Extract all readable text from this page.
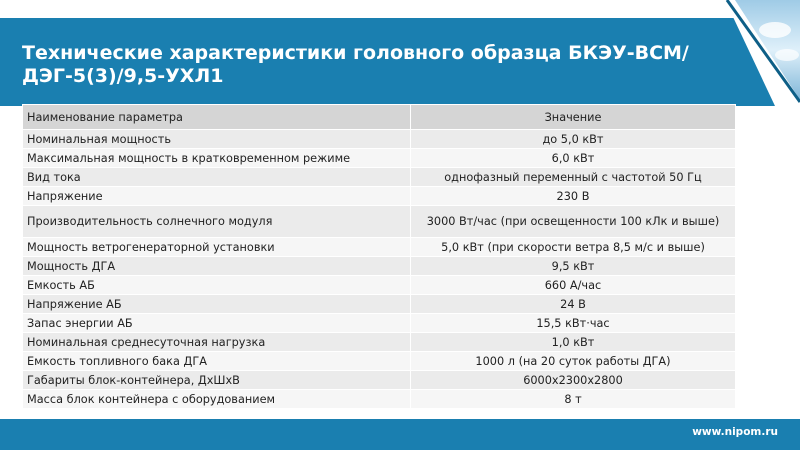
Технические характеристики головного образца БКЭУ-ВСМ/ДЭГ-5(3)/9,5-УХЛ1
Наименование параметра	Значение
Номинальная мощность	до 5,0 кВт
Максимальная мощность в кратковременном режиме	6,0 кВт
Вид тока	однофазный переменный с частотой 50 Гц
Напряжение	230 В
Производительность солнечного модуля	3000 Вт/час (при освещенности 100 кЛк и выше)
Мощность ветрогенераторной установки	5,0 кВт (при скорости ветра 8,5 м/с и выше)
Мощность ДГА	9,5 кВт
Емкость АБ	660 А/час
Напряжение АБ	24 В
Запас энергии АБ	15,5 кВт·час
Номинальная среднесуточная нагрузка	1,0 кВт
Емкость топливного бака ДГА	1000 л (на 20 суток работы ДГА)
Габариты блок-контейнера, ДхШхВ	6000х2300х2800
Масса блок контейнера с оборудованием	8 т
www.nipom.ru
